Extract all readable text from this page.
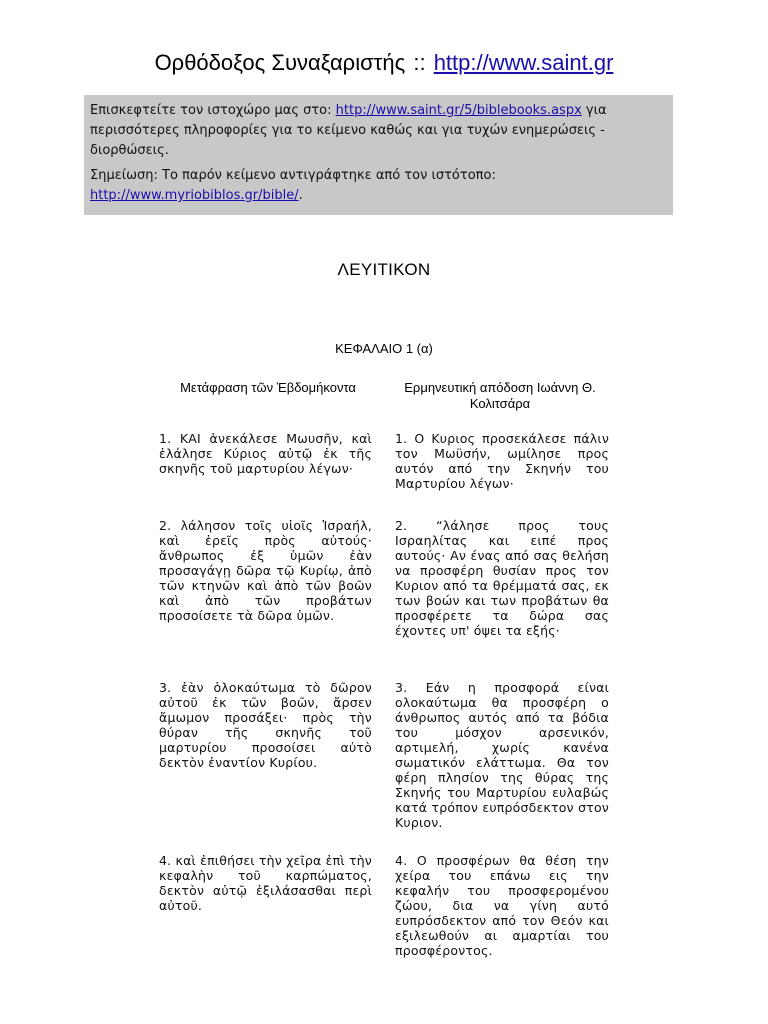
Ορθόδοξος Συναξαριστής :: http://www.saint.gr

Επισκεφτείτε τον ιστοχώρο μας στο: http://www.saint.gr/5/biblebooks.aspx για περισσότερες πληροφορίες για το κείμενο καθώς και για τυχών ενημερώσεις - διορθώσεις.

Σημείωση: Το παρόν κείμενο αντιγράφτηκε από τον ιστότοπο: http://www.myriobiblos.gr/bible/.

ΛΕΥΙΤΙΚΟΝ
ΚΕΦΑΛΑΙΟ 1 (α)
Μετάφραση τῶν Ἑβδομήκοντα	Ερμηνευτική απόδοση Ιωάννη Θ. Κολιτσάρα
1. ΚΑΙ ἀνεκάλεσε Μωυσῆν, καὶ ἐλάλησε Κύριος αὐτῷ ἐκ τῆς σκηνῆς τοῦ μαρτυρίου λέγων·
1. Ο Κυριος προσεκάλεσε πάλιν τον Μωϋσήν, ωμίλησε προς αυτόν από την Σκηνήν του Μαρτυρίου λέγων·
2. λάλησον τοῖς υἱοῖς Ἰσραήλ, καὶ ἐρεῖς πρὸς αὐτούς· ἄνθρωπος ἐξ ὑμῶν ἐὰν προσαγάγῃ δῶρα τῷ Κυρίῳ, ἀπὸ τῶν κτηνῶν καὶ ἀπὸ τῶν βοῶν καὶ ἀπὸ τῶν προβάτων προσοίσετε τὰ δῶρα ὑμῶν.
2. “λάλησε προς τους Ισραηλίτας και ειπέ προς αυτούς· Αν ένας από σας θελήση να προσφέρη θυσίαν προς τον Κυριον από τα θρέμματά σας, εκ των βοών και των προβάτων θα προσφέρετε τα δώρα σας έχοντες υπ' όψει τα εξής·
3. ἐὰν ὁλοκαύτωμα τὸ δῶρον αὐτοῦ ἐκ τῶν βοῶν, ἄρσεν ἄμωμον προσάξει· πρὸς τὴν θύραν τῆς σκηνῆς τοῦ μαρτυρίου προσοίσει αὐτὸ δεκτὸν ἐναντίον Κυρίου.
3. Εάν η προσφορά είναι ολοκαύτωμα θα προσφέρη ο άνθρωπος αυτός από τα βόδια του μόσχον αρσενικόν, αρτιμελή, χωρίς κανένα σωματικόν ελάττωμα. Θα τον φέρη πλησίον της θύρας της Σκηνής του Μαρτυρίου ευλαβώς κατά τρόπον ευπρόσδεκτον στον Κυριον.
4. καὶ ἐπιθήσει τὴν χεῖρα ἐπὶ τὴν κεφαλὴν τοῦ καρπώματος, δεκτὸν αὐτῷ ἐξιλάσασθαι περὶ αὐτοῦ.
4. Ο προσφέρων θα θέση την χείρα του επάνω εις την κεφαλήν του προσφερομένου ζώου, δια να γίνη αυτό ευπρόσδεκτον από τον Θεόν και εξιλεωθούν αι αμαρτίαι του προσφέροντος.
